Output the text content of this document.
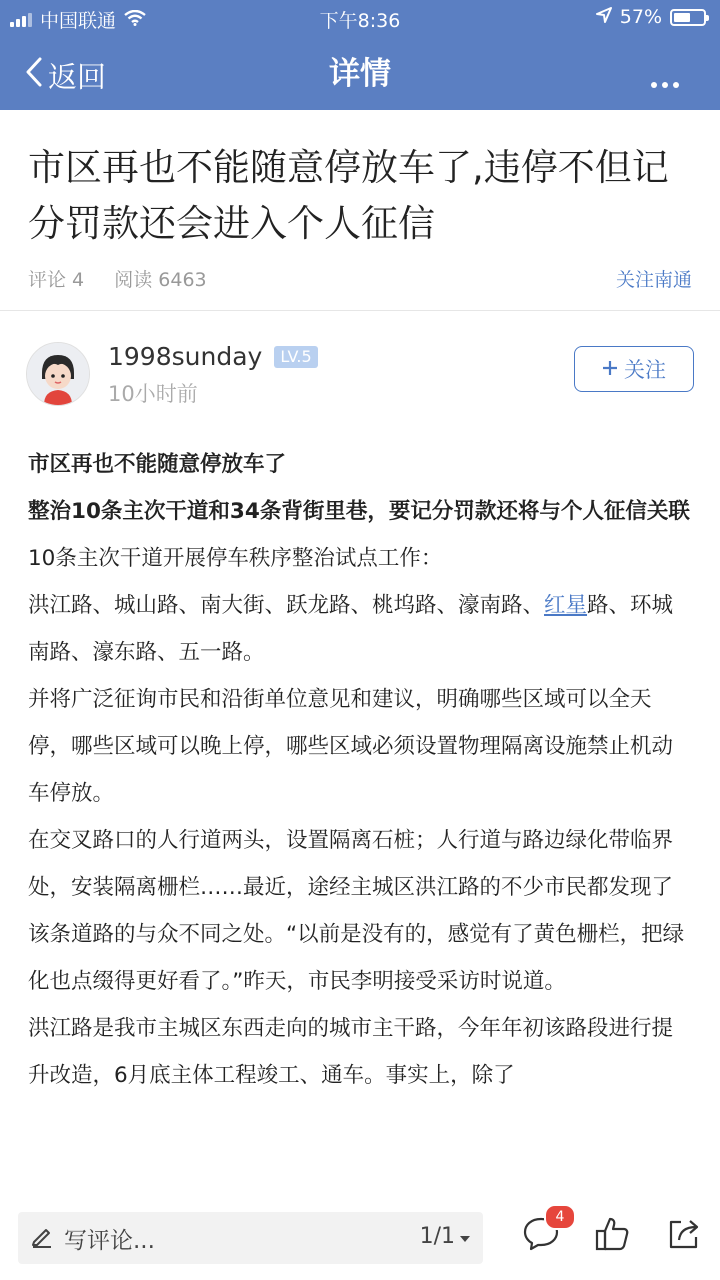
中国联通	下午8:36	57%
返回	详情
市区再也不能随意停放车了,违停不但记分罚款还会进入个人征信
评论 4 阅读 6463	关注南通
1998sunday LV.5
10小时前
关注

市区再也不能随意停放车了

整治10条主次干道和34条背街里巷，要记分罚款还将与个人征信关联

10条主次干道开展停车秩序整治试点工作：

洪江路、城山路、南大街、跃龙路、桃坞路、濠南路、红星路、环城南路、濠东路、五一路。

并将广泛征询市民和沿街单位意见和建议，明确哪些区域可以全天停，哪些区域可以晚上停，哪些区域必须设置物理隔离设施禁止机动车停放。

在交叉路口的人行道两头，设置隔离石桩；人行道与路边绿化带临界处，安装隔离栅栏……最近，途经主城区洪江路的不少市民都发现了该条道路的与众不同之处。“以前是没有的，感觉有了黄色栅栏，把绿化也点缀得更好看了。”昨天，市民李明接受采访时说道。

洪江路是我市主城区东西走向的城市主干路，今年年初该路段进行提升改造，6月底主体工程竣工、通车。事实上，除了

写评论...	1/1
4
